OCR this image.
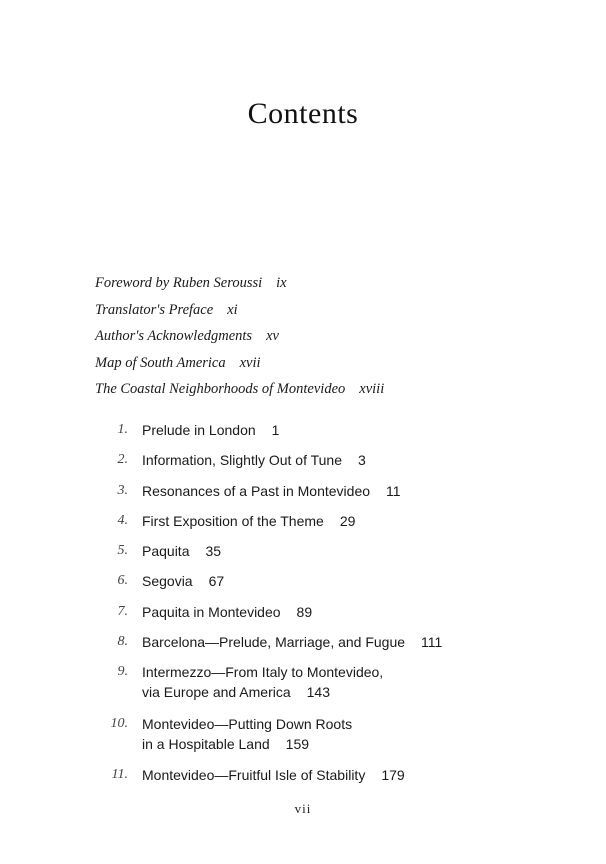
Contents
Foreword by Ruben Seroussi ix
Translator's Preface xi
Author's Acknowledgments xv
Map of South America xvii
The Coastal Neighborhoods of Montevideo xviii
1. Prelude in London 1
2. Information, Slightly Out of Tune 3
3. Resonances of a Past in Montevideo 11
4. First Exposition of the Theme 29
5. Paquita 35
6. Segovia 67
7. Paquita in Montevideo 89
8. Barcelona—Prelude, Marriage, and Fugue 111
9. Intermezzo—From Italy to Montevideo,
via Europe and America 143
10. Montevideo—Putting Down Roots
in a Hospitable Land 159
11. Montevideo—Fruitful Isle of Stability 179
vii
